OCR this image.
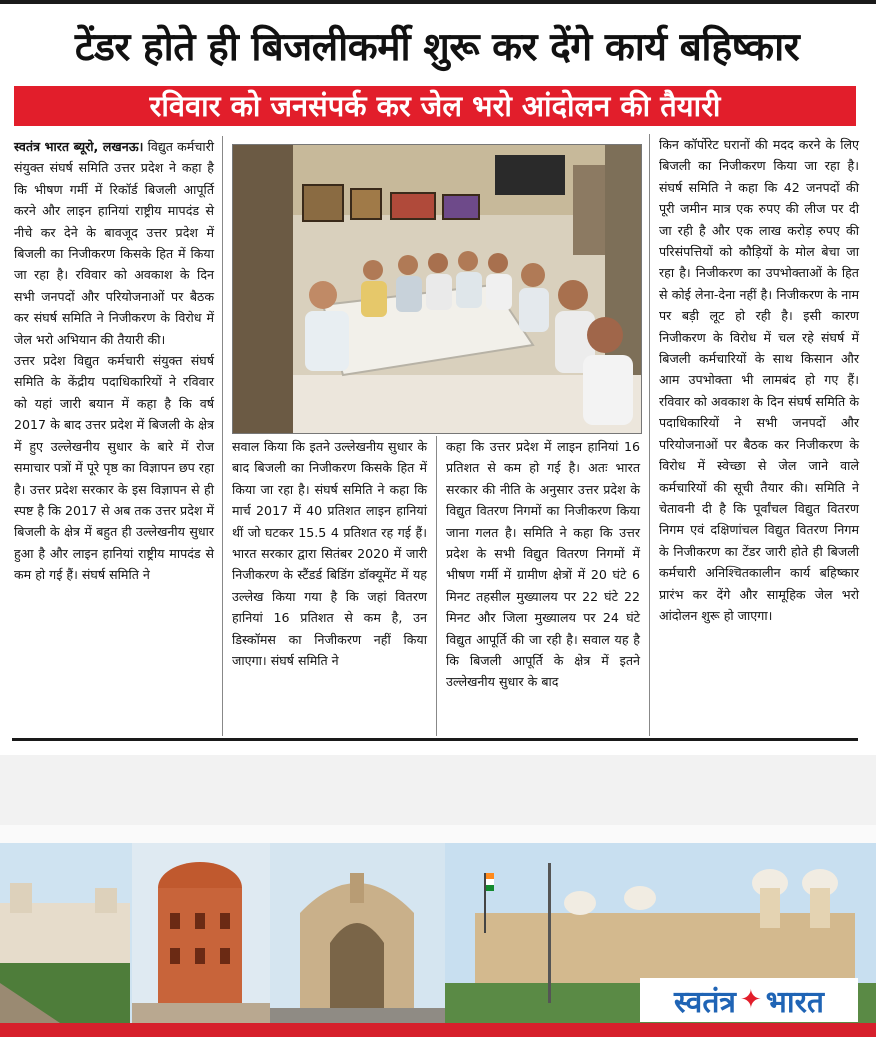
टेंडर होते ही बिजलीकर्मी शुरू कर देंगे कार्य बहिष्कार
रविवार को जनसंपर्क कर जेल भरो आंदोलन की तैयारी

स्वतंत्र भारत ब्यूरो, लखनऊ। विद्युत कर्मचारी संयुक्त संघर्ष समिति उत्तर प्रदेश ने कहा है कि भीषण गर्मी में रिकॉर्ड बिजली आपूर्ति करने और लाइन हानियां राष्ट्रीय मापदंड से नीचे कर देने के बावजूद उत्तर प्रदेश में बिजली का निजीकरण किसके हित में किया जा रहा है। रविवार को अवकाश के दिन सभी जनपदों और परियोजनाओं पर बैठक कर संघर्ष समिति ने निजीकरण के विरोध में जेल भरो अभियान की तैयारी की।

उत्तर प्रदेश विद्युत कर्मचारी संयुक्त संघर्ष समिति के केंद्रीय पदाधिकारियों ने रविवार को यहां जारी बयान में कहा है कि वर्ष 2017 के बाद उत्तर प्रदेश में बिजली के क्षेत्र में हुए उल्लेखनीय सुधार के बारे में रोज समाचार पत्रों में पूरे पृष्ठ का विज्ञापन छप रहा है। उत्तर प्रदेश सरकार के इस विज्ञापन से ही स्पष्ट है कि 2017 से अब तक उत्तर प्रदेश में बिजली के क्षेत्र में बहुत ही उल्लेखनीय सुधार हुआ है और लाइन हानियां राष्ट्रीय मापदंड से कम हो गई हैं। संघर्ष समिति ने

सवाल किया कि इतने उल्लेखनीय सुधार के बाद बिजली का निजीकरण किसके हित में किया जा रहा है। संघर्ष समिति ने कहा कि मार्च 2017 में 40 प्रतिशत लाइन हानियां थीं जो घटकर 15.5 4 प्रतिशत रह गई हैं। भारत सरकार द्वारा सितंबर 2020 में जारी निजीकरण के स्टैंडर्ड बिडिंग डॉक्यूमेंट में यह उल्लेख किया गया है कि जहां वितरण हानियां 16 प्रतिशत से कम है, उन डिस्कॉमस का निजीकरण नहीं किया जाएगा। संघर्ष समिति ने

कहा कि उत्तर प्रदेश में लाइन हानियां 16 प्रतिशत से कम हो गई है। अतः भारत सरकार की नीति के अनुसार उत्तर प्रदेश के विद्युत वितरण निगमों का निजीकरण किया जाना गलत है। समिति ने कहा कि उत्तर प्रदेश के सभी विद्युत वितरण निगमों में भीषण गर्मी में ग्रामीण क्षेत्रों में 20 घंटे 6 मिनट तहसील मुख्यालय पर 22 घंटे 22 मिनट और जिला मुख्यालय पर 24 घंटे विद्युत आपूर्ति की जा रही है। सवाल यह है कि बिजली आपूर्ति के क्षेत्र में इतने उल्लेखनीय सुधार के बाद

किन कॉर्पोरेट घरानों की मदद करने के लिए बिजली का निजीकरण किया जा रहा है। संघर्ष समिति ने कहा कि 42 जनपदों की पूरी जमीन मात्र एक रुपए की लीज पर दी जा रही है और एक लाख करोड़ रुपए की परिसंपत्तियों को कौड़ियों के मोल बेचा जा रहा है। निजीकरण का उपभोक्ताओं के हित से कोई लेना-देना नहीं है। निजीकरण के नाम पर बड़ी लूट हो रही है। इसी कारण निजीकरण के विरोध में चल रहे संघर्ष में बिजली कर्मचारियों के साथ किसान और आम उपभोक्ता भी लामबंद हो गए हैं। रविवार को अवकाश के दिन संघर्ष समिति के पदाधिकारियों ने सभी जनपदों और परियोजनाओं पर बैठक कर निजीकरण के विरोध में स्वेच्छा से जेल जाने वाले कर्मचारियों की सूची तैयार की। समिति ने चेतावनी दी है कि पूर्वांचल विद्युत वितरण निगम एवं दक्षिणांचल विद्युत वितरण निगम के निजीकरण का टेंडर जारी होते ही बिजली कर्मचारी अनिश्चितकालीन कार्य बहिष्कार प्रारंभ कर देंगे और सामूहिक जेल भरो आंदोलन शुरू हो जाएगा।

स्वतंत्र ✦ भारत
